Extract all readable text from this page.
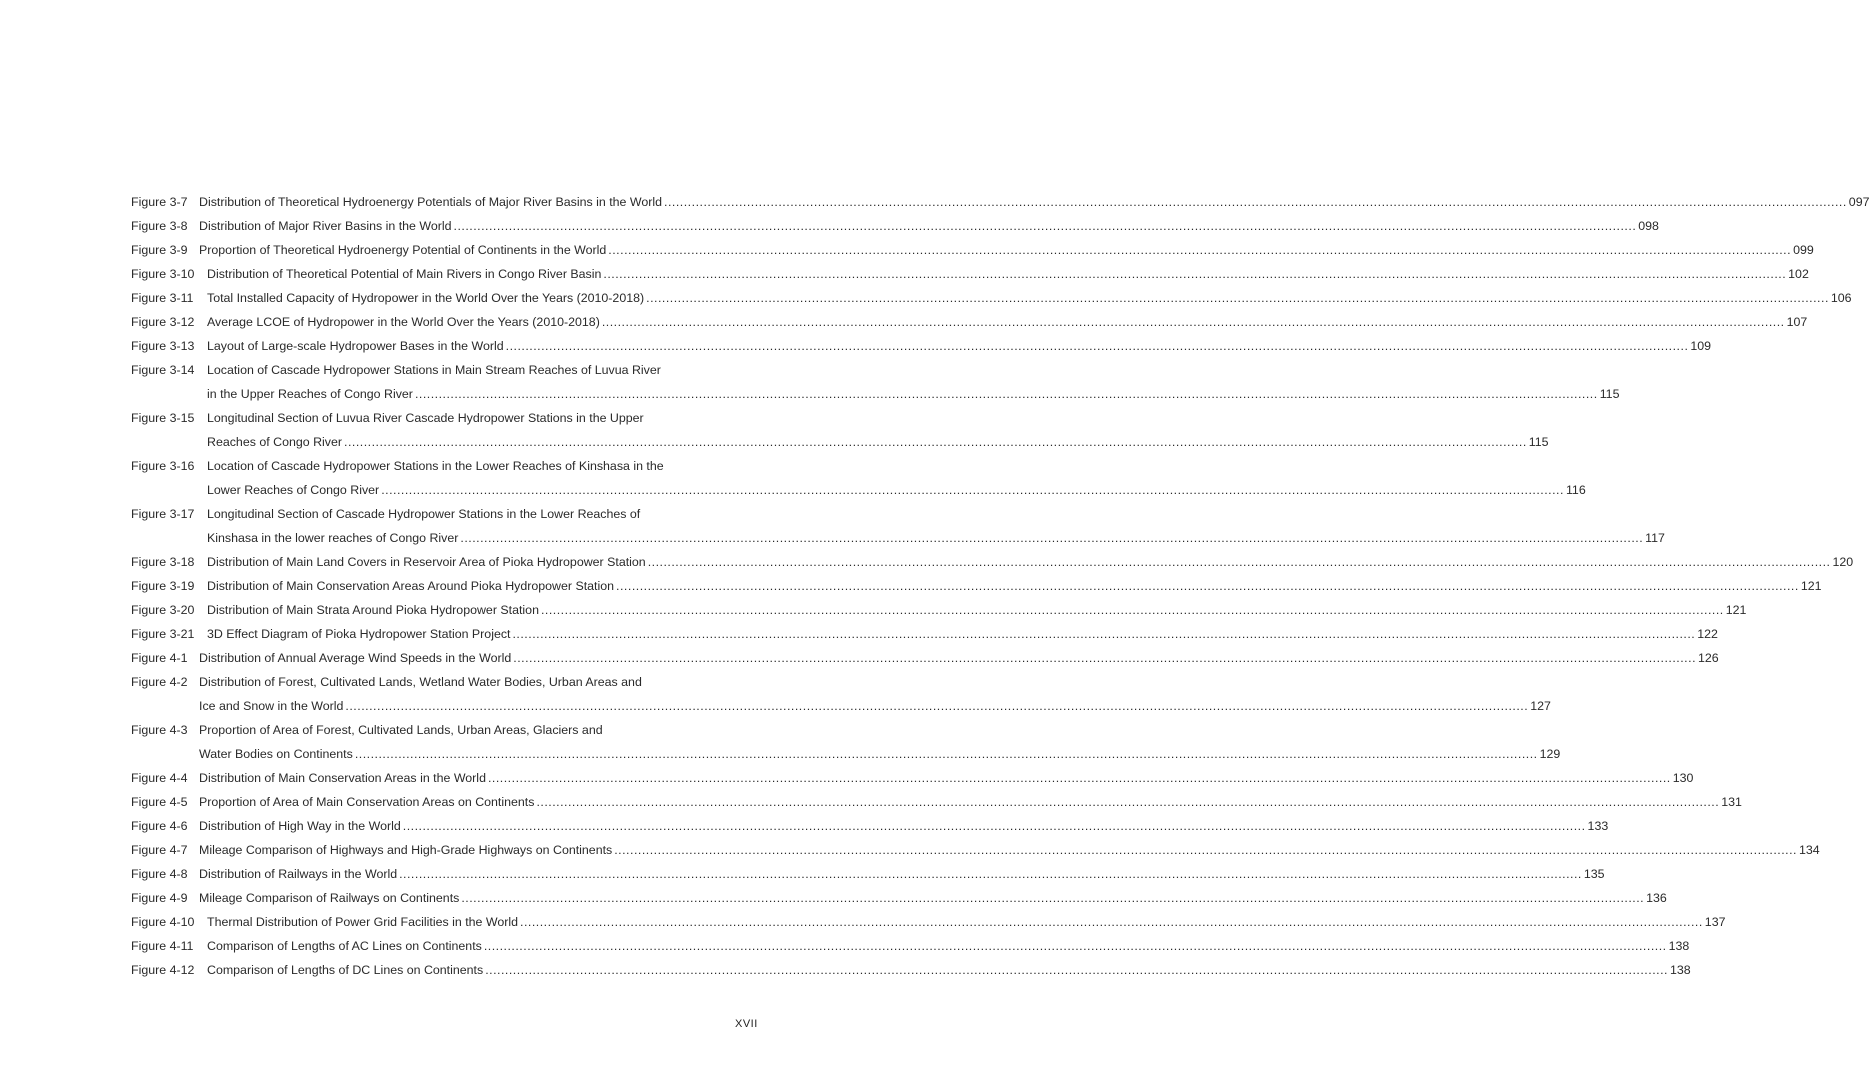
Figure 3-7 Distribution of Theoretical Hydroenergy Potentials of Major River Basins in the World ............................................................................................................................................................................................................................................................................................................ 097
Figure 3-8 Distribution of Major River Basins in the World ............................................................................................................................................................................................................................................................................................................ 098
Figure 3-9 Proportion of Theoretical Hydroenergy Potential of Continents in the World ............................................................................................................................................................................................................................................................................................................ 099
Figure 3-10 Distribution of Theoretical Potential of Main Rivers in Congo River Basin ............................................................................................................................................................................................................................................................................................................ 102
Figure 3-11 Total Installed Capacity of Hydropower in the World Over the Years (2010-2018) ............................................................................................................................................................................................................................................................................................................ 106
Figure 3-12 Average LCOE of Hydropower in the World Over the Years (2010-2018) ............................................................................................................................................................................................................................................................................................................ 107
Figure 3-13 Layout of Large-scale Hydropower Bases in the World ............................................................................................................................................................................................................................................................................................................ 109
Figure 3-14 Location of Cascade Hydropower Stations in Main Stream Reaches of Luvua River
in the Upper Reaches of Congo River ............................................................................................................................................................................................................................................................................................................ 115
Figure 3-15 Longitudinal Section of Luvua River Cascade Hydropower Stations in the Upper
Reaches of Congo River ............................................................................................................................................................................................................................................................................................................ 115
Figure 3-16 Location of Cascade Hydropower Stations in the Lower Reaches of Kinshasa in the
Lower Reaches of Congo River ............................................................................................................................................................................................................................................................................................................ 116
Figure 3-17 Longitudinal Section of Cascade Hydropower Stations in the Lower Reaches of
Kinshasa in the lower reaches of Congo River ............................................................................................................................................................................................................................................................................................................ 117
Figure 3-18 Distribution of Main Land Covers in Reservoir Area of Pioka Hydropower Station ............................................................................................................................................................................................................................................................................................................ 120
Figure 3-19 Distribution of Main Conservation Areas Around Pioka Hydropower Station ............................................................................................................................................................................................................................................................................................................ 121
Figure 3-20 Distribution of Main Strata Around Pioka Hydropower Station ............................................................................................................................................................................................................................................................................................................ 121
Figure 3-21 3D Effect Diagram of Pioka Hydropower Station Project ............................................................................................................................................................................................................................................................................................................ 122
Figure 4-1 Distribution of Annual Average Wind Speeds in the World ............................................................................................................................................................................................................................................................................................................ 126
Figure 4-2 Distribution of Forest, Cultivated Lands, Wetland Water Bodies, Urban Areas and
Ice and Snow in the World ............................................................................................................................................................................................................................................................................................................ 127
Figure 4-3 Proportion of Area of Forest, Cultivated Lands, Urban Areas, Glaciers and
Water Bodies on Continents ............................................................................................................................................................................................................................................................................................................ 129
Figure 4-4 Distribution of Main Conservation Areas in the World ............................................................................................................................................................................................................................................................................................................ 130
Figure 4-5 Proportion of Area of Main Conservation Areas on Continents ............................................................................................................................................................................................................................................................................................................ 131
Figure 4-6 Distribution of High Way in the World ............................................................................................................................................................................................................................................................................................................ 133
Figure 4-7 Mileage Comparison of Highways and High-Grade Highways on Continents ............................................................................................................................................................................................................................................................................................................ 134
Figure 4-8 Distribution of Railways in the World ............................................................................................................................................................................................................................................................................................................ 135
Figure 4-9 Mileage Comparison of Railways on Continents ............................................................................................................................................................................................................................................................................................................ 136
Figure 4-10 Thermal Distribution of Power Grid Facilities in the World ............................................................................................................................................................................................................................................................................................................ 137
Figure 4-11 Comparison of Lengths of AC Lines on Continents ............................................................................................................................................................................................................................................................................................................ 138
Figure 4-12 Comparison of Lengths of DC Lines on Continents ............................................................................................................................................................................................................................................................................................................ 138
XVII
